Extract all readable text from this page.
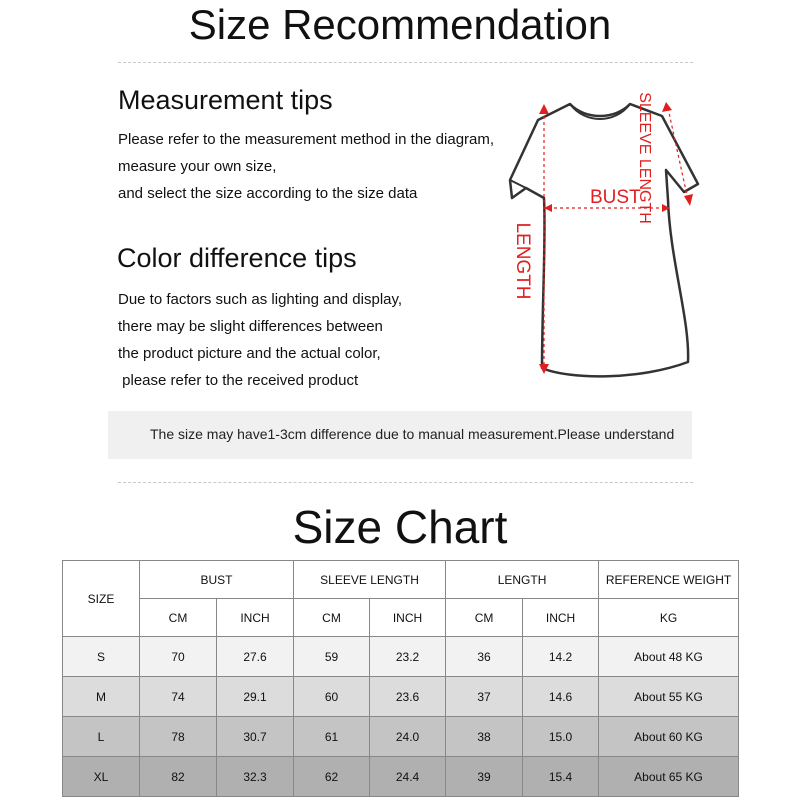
Size Recommendation
Measurement tips
Please refer to the measurement method in the diagram,
measure your own size,
and select the size according to the size data
Color difference tips
Due to factors such as lighting and display,
there may be slight differences between
the product picture and the actual color,
please refer to the received product
BUST
SLEEVE LENGTH
LENGTH
The size may have1-3cm difference due to manual measurement.Please understand
Size Chart
SIZE	BUST		SLEEVE LENGTH		LENGTH		REFERENCE WEIGHT
	CM	INCH	CM	INCH	CM	INCH	KG
S	70	27.6	59	23.2	36	14.2	About 48 KG
M	74	29.1	60	23.6	37	14.6	About 55 KG
L	78	30.7	61	24.0	38	15.0	About 60 KG
XL	82	32.3	62	24.4	39	15.4	About 65 KG
